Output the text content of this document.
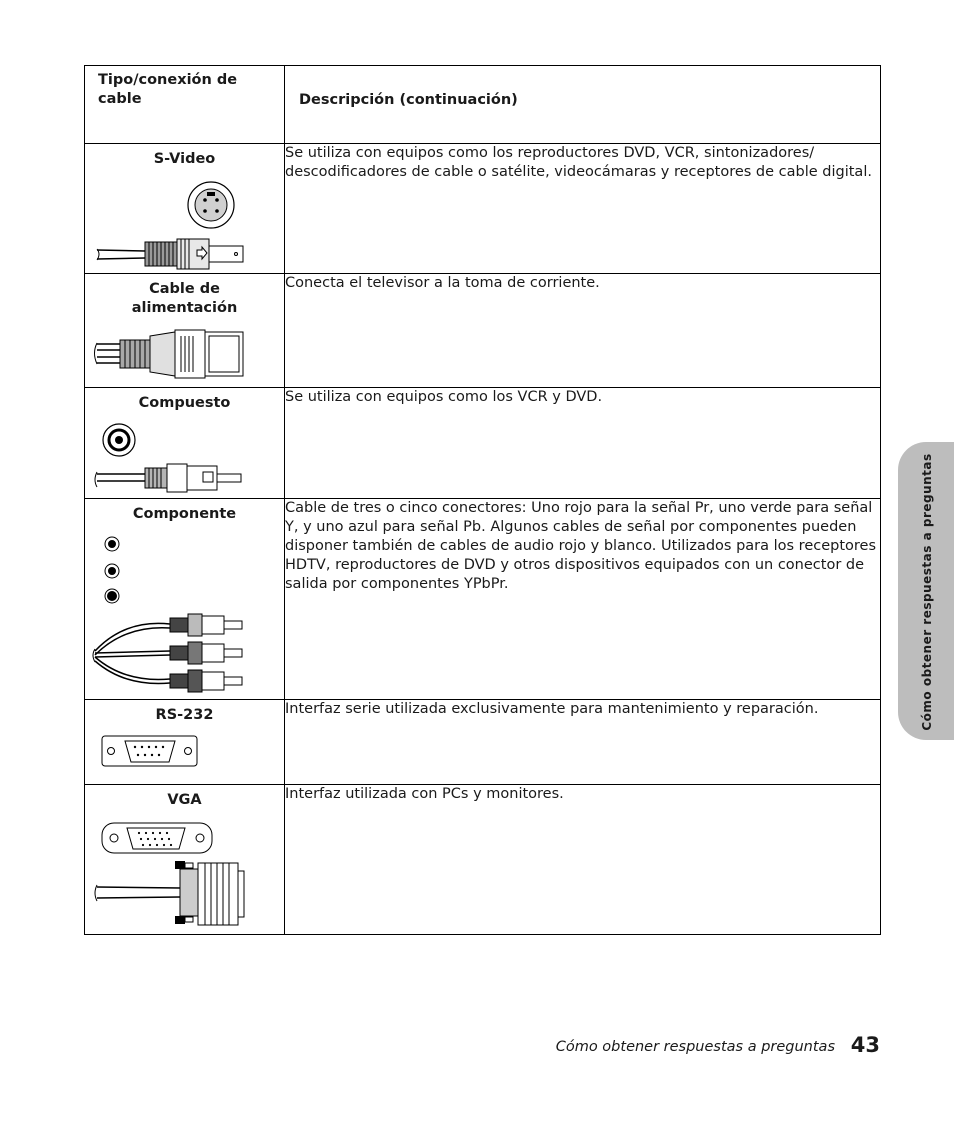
Tipo/conexión de cable	Descripción (continuación)

S-Video	Se utiliza con equipos como los reproductores DVD, VCR, sintonizadores/ descodificadores de cable o satélite, videocámaras y receptores de cable digital.

Cable de alimentación	Conecta el televisor a la toma de corriente.

Compuesto	Se utiliza con equipos como los VCR y DVD.

Componente	Cable de tres o cinco conectores: Uno rojo para la señal Pr, uno verde para señal Y, y uno azul para señal Pb. Algunos cables de señal por componentes pueden disponer también de cables de audio rojo y blanco. Utilizados para los receptores HDTV, reproductores de DVD y otros dispositivos equipados con un conector de salida por componentes YPbPr.

RS-232	Interfaz serie utilizada exclusivamente para mantenimiento y reparación.

VGA	Interfaz utilizada con PCs y monitores.
Cómo obtener respuestas a preguntas
Cómo obtener respuestas a preguntas 43
